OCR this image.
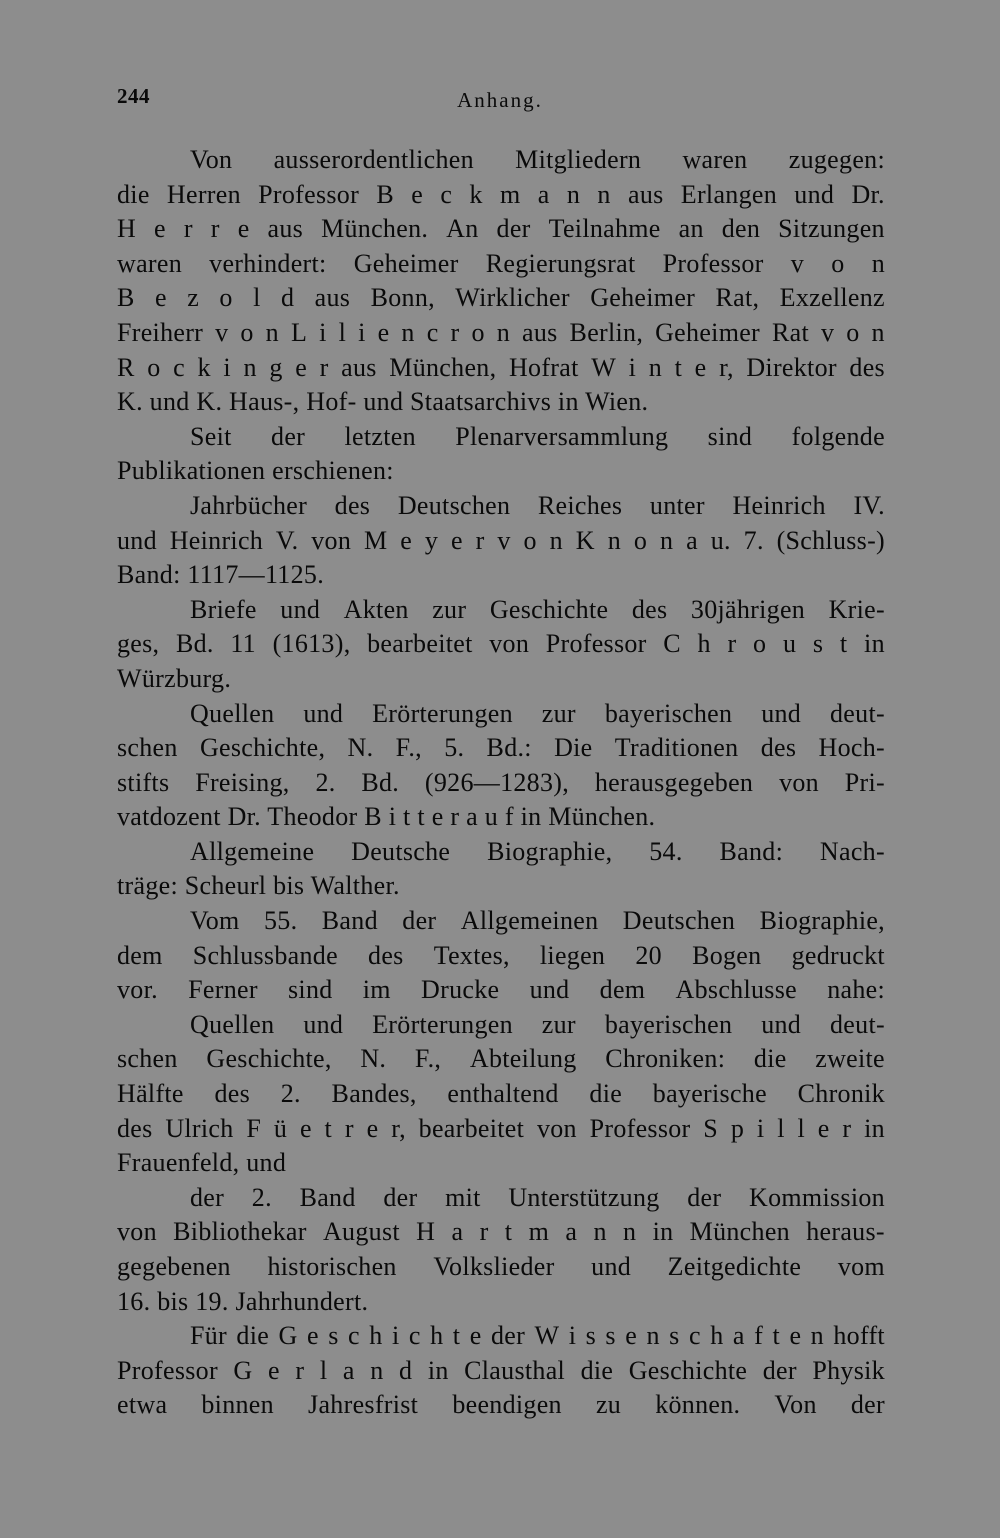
244	Anhang.
Von ausserordentlichen Mitgliedern waren zugegen:
die Herren Professor B e c k m a n n aus Erlangen und Dr.
H e r r e aus München. An der Teilnahme an den Sitzungen
waren verhindert: Geheimer Regierungsrat Professor v o n
B e z o l d aus Bonn, Wirklicher Geheimer Rat, Exzellenz
Freiherr v o n L i l i e n c r o n aus Berlin, Geheimer Rat v o n
R o c k i n g e r aus München, Hofrat W i n t e r, Direktor des
K. und K. Haus-, Hof- und Staatsarchivs in Wien.
Seit der letzten Plenarversammlung sind folgende
Publikationen erschienen:
Jahrbücher des Deutschen Reiches unter Heinrich IV.
und Heinrich V. von M e y e r v o n K n o n a u. 7. (Schluss-)
Band: 1117—1125.
Briefe und Akten zur Geschichte des 30jährigen Krie-
ges, Bd. 11 (1613), bearbeitet von Professor C h r o u s t in
Würzburg.
Quellen und Erörterungen zur bayerischen und deut-
schen Geschichte, N. F., 5. Bd.: Die Traditionen des Hoch-
stifts Freising, 2. Bd. (926—1283), herausgegeben von Pri-
vatdozent Dr. Theodor B i t t e r a u f in München.
Allgemeine Deutsche Biographie, 54. Band: Nach-
träge: Scheurl bis Walther.
Vom 55. Band der Allgemeinen Deutschen Biographie,
dem Schlussbande des Textes, liegen 20 Bogen gedruckt
vor. Ferner sind im Drucke und dem Abschlusse nahe:
Quellen und Erörterungen zur bayerischen und deut-
schen Geschichte, N. F., Abteilung Chroniken: die zweite
Hälfte des 2. Bandes, enthaltend die bayerische Chronik
des Ulrich F ü e t r e r, bearbeitet von Professor S p i l l e r in
Frauenfeld, und
der 2. Band der mit Unterstützung der Kommission
von Bibliothekar August H a r t m a n n in München heraus-
gegebenen historischen Volkslieder und Zeitgedichte vom
16. bis 19. Jahrhundert.
Für die G e s c h i c h t e der W i s s e n s c h a f t e n hofft
Professor G e r l a n d in Clausthal die Geschichte der Physik
etwa binnen Jahresfrist beendigen zu können. Von der
